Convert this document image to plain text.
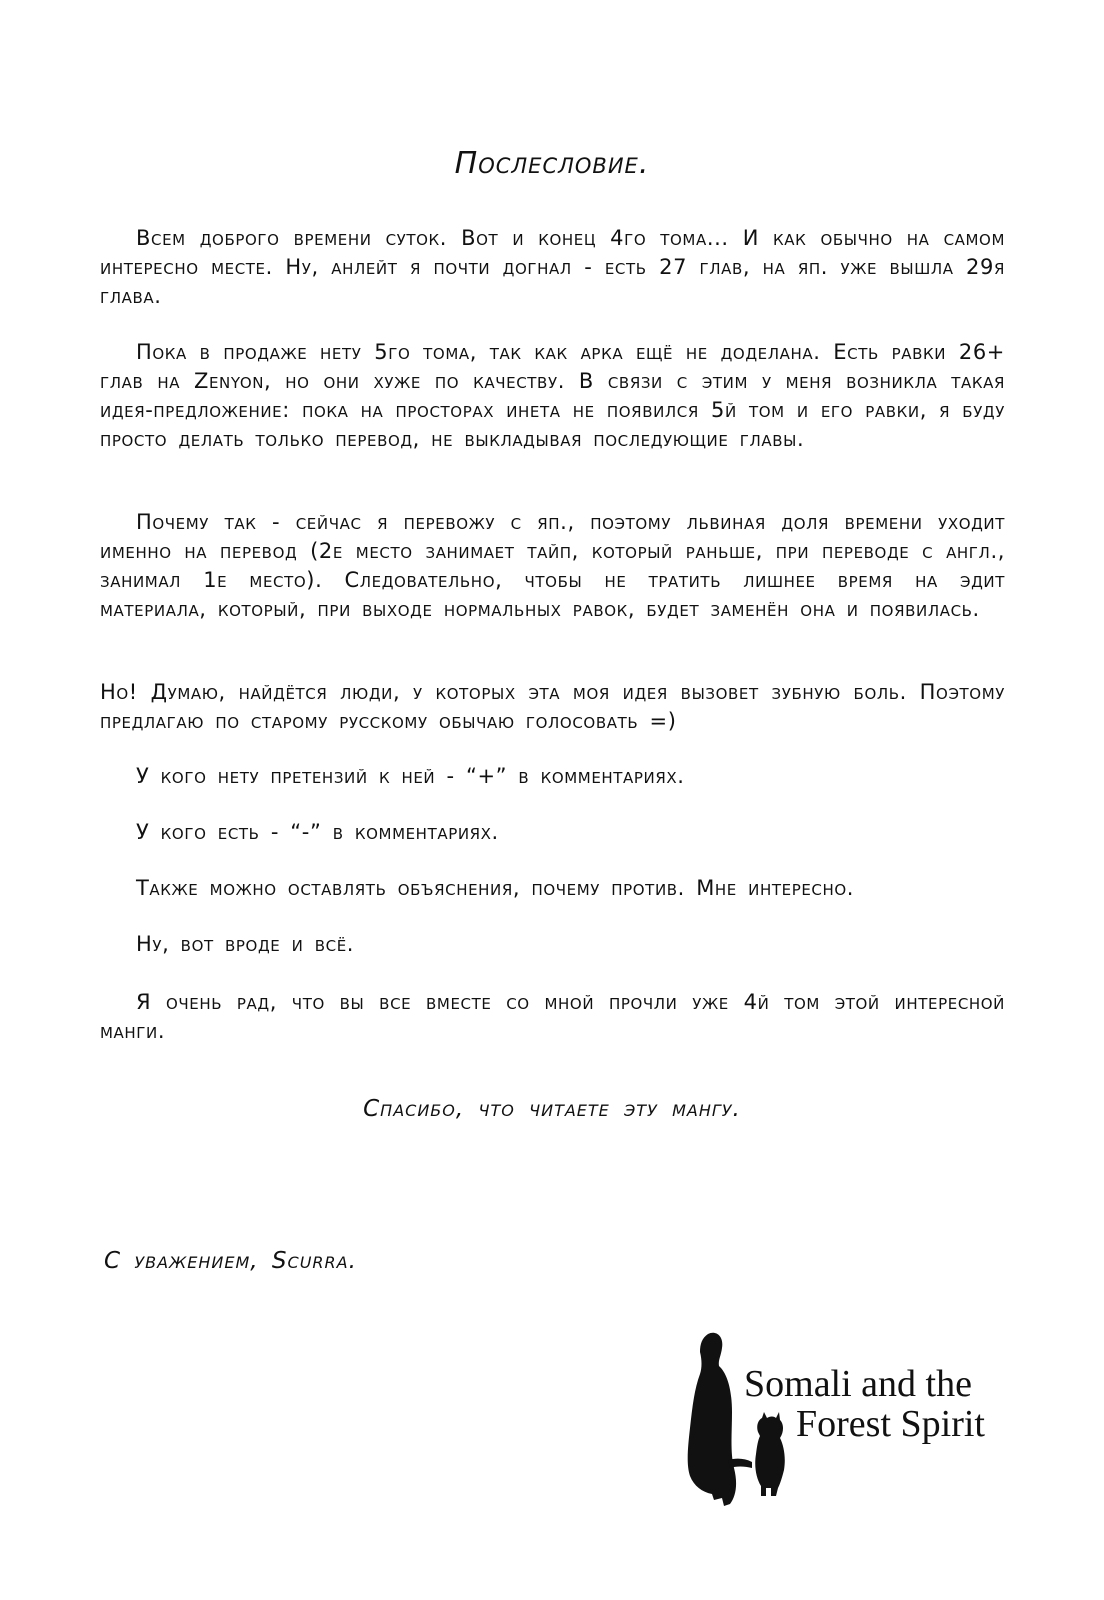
Послесловие.

Всем доброго времени суток. Вот и конец 4го тома... И как обычно на самом интересно месте. Ну, анлейт я почти догнал - есть 27 глав, на яп. уже вышла 29я глава.

Пока в продаже нету 5го тома, так как арка ещё не доделана. Есть равки 26+ глав на Zenyon, но они хуже по качеству. В связи с этим у меня возникла такая идея-предложение: пока на просторах инета не появился 5й том и его равки, я буду просто делать только перевод, не выкладывая последующие главы.

Почему так - сейчас я перевожу с яп., поэтому львиная доля времени уходит именно на перевод (2е место занимает тайп, который раньше, при переводе с англ., занимал 1е место). Следовательно, чтобы не тратить лишнее время на эдит материала, который, при выходе нормальных равок, будет заменён она и появилась.

Но! Думаю, найдётся люди, у которых эта моя идея вызовет зубную боль. Поэтому предлагаю по старому русскому обычаю голосовать =)

У кого нету претензий к ней - “+” в комментариях.

У кого есть - “-” в комментариях.

Также можно оставлять объяснения, почему против. Мне интересно.

Ну, вот вроде и всё.

Я очень рад, что вы все вместе со мной прочли уже 4й том этой интересной манги.

Спасибо, что читаете эту мангу.
С уважением, Scurra.
Somali and the
Forest Spirit
